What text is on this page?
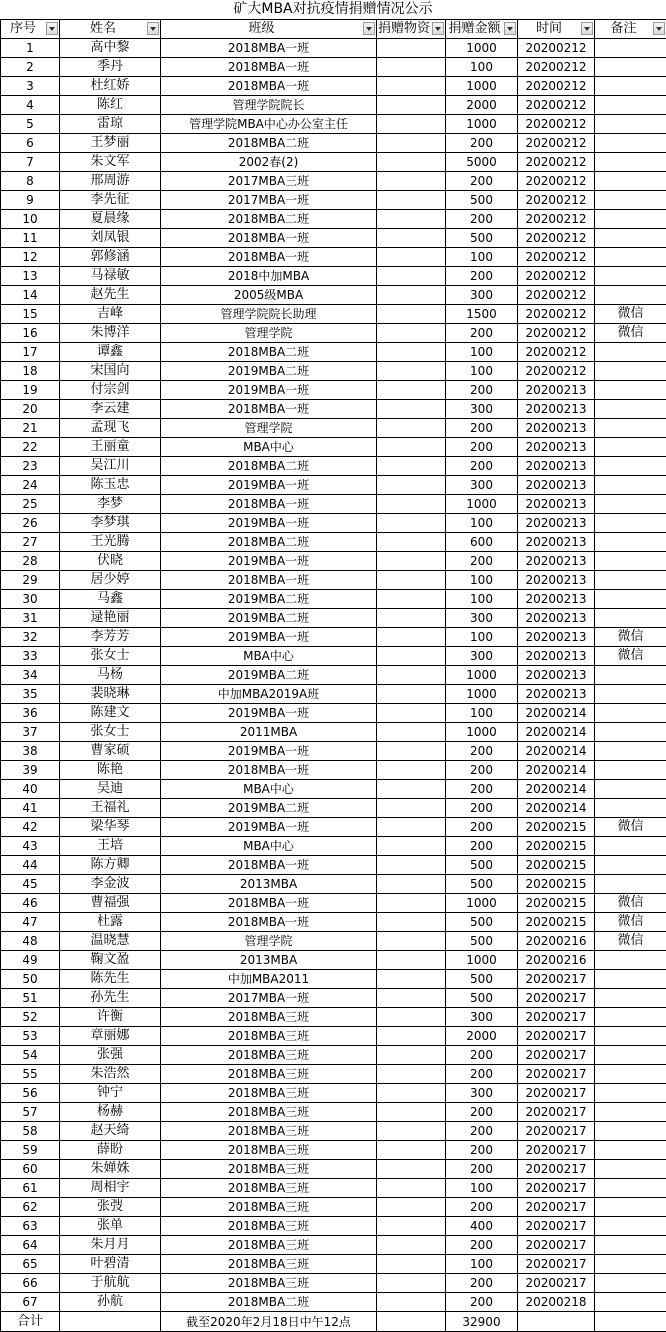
矿大MBA对抗疫情捐赠情况公示
序号	姓名	班级	捐赠物资	捐赠金额	时间	备注

1	高中黎	2018MBA一班		1000	20200212	
2	季丹	2018MBA一班		100	20200212	
3	杜红娇	2018MBA一班		1000	20200212	
4	陈红	管理学院院长		2000	20200212	
5	雷琼	管理学院MBA中心办公室主任		1000	20200212	
6	王梦丽	2018MBA二班		200	20200212	
7	朱文军	2002春(2)		5000	20200212	
8	邢周游	2017MBA三班		200	20200212	
9	李先征	2017MBA一班		500	20200212	
10	夏晨缘	2018MBA二班		200	20200212	
11	刘凤银	2018MBA一班		500	20200212	
12	郭修涵	2018MBA一班		100	20200212	
13	马禄敏	2018中加MBA		200	20200212	
14	赵先生	2005级MBA		300	20200212	
15	吉峰	管理学院院长助理		1500	20200212	微信
16	朱博洋	管理学院		200	20200212	微信
17	谭鑫	2018MBA二班		100	20200212	
18	宋国向	2019MBA二班		100	20200212	
19	付宗剑	2019MBA一班		200	20200213	
20	李云建	2018MBA一班		300	20200213	
21	孟现飞	管理学院		200	20200213	
22	王丽童	MBA中心		200	20200213	
23	吴江川	2018MBA二班		200	20200213	
24	陈玉忠	2019MBA一班		300	20200213	
25	李梦	2018MBA一班		1000	20200213	
26	李梦琪	2019MBA一班		100	20200213	
27	王光腾	2018MBA二班		600	20200213	
28	伏晓	2019MBA一班		200	20200213	
29	居少婷	2018MBA一班		100	20200213	
30	马鑫	2019MBA二班		100	20200213	
31	逯艳丽	2019MBA二班		300	20200213	
32	李芳芳	2019MBA一班		100	20200213	微信
33	张女士	MBA中心		300	20200213	微信
34	马杨	2019MBA二班		1000	20200213	
35	裴晓琳	中加MBA2019A班		1000	20200213	
36	陈建文	2019MBA一班		100	20200214	
37	张女士	2011MBA		1000	20200214	
38	曹家硕	2019MBA一班		200	20200214	
39	陈艳	2018MBA一班		200	20200214	
40	吴迪	MBA中心		200	20200214	
41	王福礼	2019MBA二班		200	20200214	
42	梁华琴	2019MBA一班		200	20200215	微信
43	王培	MBA中心		200	20200215	
44	陈方卿	2018MBA一班		500	20200215	
45	李金波	2013MBA		500	20200215	
46	曹福强	2018MBA一班		1000	20200215	微信
47	杜露	2018MBA一班		500	20200215	微信
48	温晓慧	管理学院		500	20200216	微信
49	鞠文盈	2013MBA		1000	20200216	
50	陈先生	中加MBA2011		500	20200217	
51	孙先生	2017MBA一班		500	20200217	
52	许衡	2018MBA三班		300	20200217	
53	章丽娜	2018MBA三班		2000	20200217	
54	张强	2018MBA三班		200	20200217	
55	朱浩然	2018MBA三班		200	20200217	
56	钟宁	2018MBA三班		300	20200217	
57	杨赫	2018MBA三班		200	20200217	
58	赵天绮	2018MBA三班		200	20200217	
59	薛盼	2018MBA三班		200	20200217	
60	朱婵姝	2018MBA三班		200	20200217	
61	周相宇	2018MBA三班		100	20200217	
62	张弢	2018MBA三班		200	20200217	
63	张单	2018MBA三班		400	20200217	
64	朱月月	2018MBA三班		200	20200217	
65	叶碧清	2018MBA三班		100	20200217	
66	于航航	2018MBA三班		200	20200217	
67	孙航	2018MBA二班		200	20200218	
合计		截至2020年2月18日中午12点		32900		
